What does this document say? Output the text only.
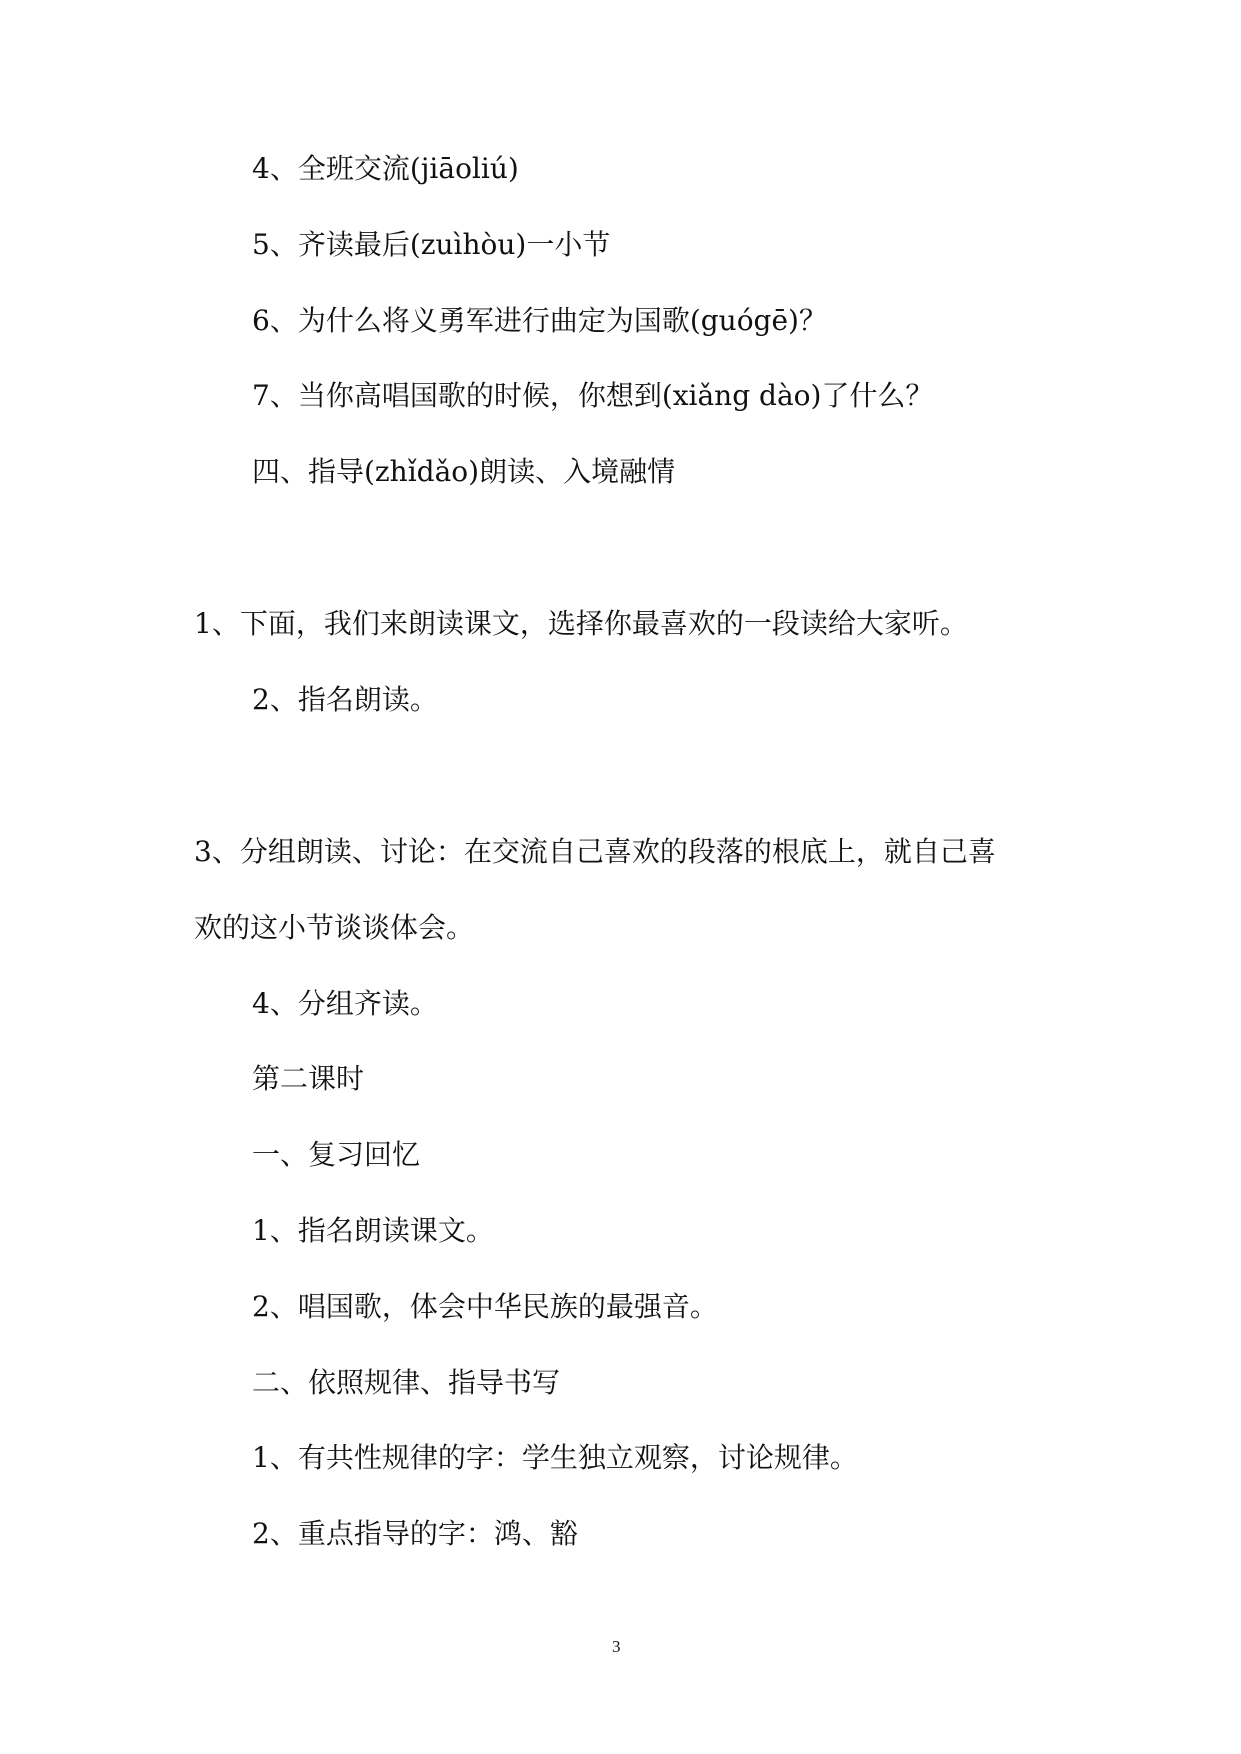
4、全班交流(jiāoliú)
5、齐读最后(zuìhòu)一小节
6、为什么将义勇军进行曲定为国歌(guógē)？
7、当你高唱国歌的时候，你想到(xiǎng dào)了什么？
四、指导(zhǐdǎo)朗读、入境融情
1、下面，我们来朗读课文，选择你最喜欢的一段读给大家听。
2、指名朗读。
3、分组朗读、讨论：在交流自己喜欢的段落的根底上，就自己喜
欢的这小节谈谈体会。
4、分组齐读。
第二课时
一、复习回忆
1、指名朗读课文。
2、唱国歌，体会中华民族的最强音。
二、依照规律、指导书写
1、有共性规律的字：学生独立观察，讨论规律。
2、重点指导的字：鸿、豁
3
